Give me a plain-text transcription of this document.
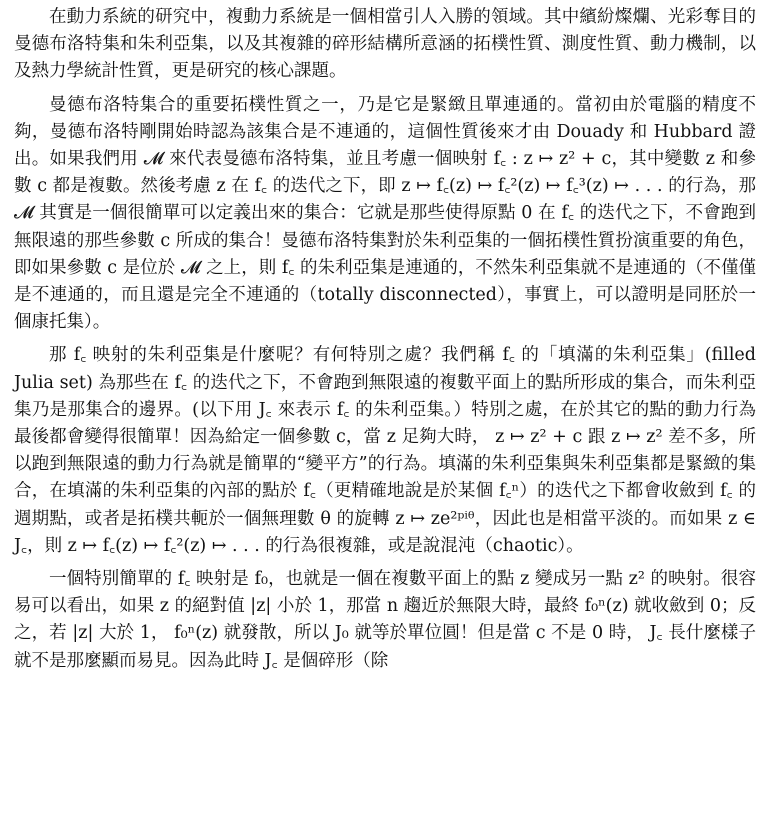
在動力系統的研究中，複動力系統是一個相當引人入勝的領域。其中繽紛燦爛、光彩奪目的曼德布洛特集和朱利亞集，以及其複雜的碎形結構所意涵的拓樸性質、測度性質、動力機制，以及熱力學統計性質，更是研究的核心課題。

曼德布洛特集合的重要拓樸性質之一，乃是它是緊緻且單連通的。當初由於電腦的精度不夠，曼德布洛特剛開始時認為該集合是不連通的，這個性質後來才由 Douady 和 Hubbard 證出。如果我們用 𝓜 來代表曼德布洛特集，並且考慮一個映射 f꜀ : z ↦ z² + c，其中變數 z 和參數 c 都是複數。然後考慮 z 在 f꜀ 的迭代之下，即 z ↦ f꜀(z) ↦ f꜀²(z) ↦ f꜀³(z) ↦ . . . 的行為，那 𝓜 其實是一個很簡單可以定義出來的集合：它就是那些使得原點 0 在 f꜀ 的迭代之下，不會跑到無限遠的那些參數 c 所成的集合！曼德布洛特集對於朱利亞集的一個拓樸性質扮演重要的角色，即如果參數 c 是位於 𝓜 之上，則 f꜀ 的朱利亞集是連通的，不然朱利亞集就不是連通的（不僅僅是不連通的，而且還是完全不連通的（totally disconnected），事實上，可以證明是同胚於一個康托集）。

那 f꜀ 映射的朱利亞集是什麼呢？有何特別之處？我們稱 f꜀ 的「填滿的朱利亞集」(filled Julia set) 為那些在 f꜀ 的迭代之下，不會跑到無限遠的複數平面上的點所形成的集合，而朱利亞集乃是那集合的邊界。(以下用 J꜀ 來表示 f꜀ 的朱利亞集。）特別之處，在於其它的點的動力行為最後都會變得很簡單！因為給定一個參數 c，當 z 足夠大時， z ↦ z² + c 跟 z ↦ z² 差不多，所以跑到無限遠的動力行為就是簡單的“變平方”的行為。填滿的朱利亞集與朱利亞集都是緊緻的集合，在填滿的朱利亞集的內部的點於 f꜀（更精確地說是於某個 f꜀ⁿ）的迭代之下都會收斂到 f꜀ 的週期點，或者是拓樸共軛於一個無理數 θ 的旋轉 z ↦ ze²ᵖⁱᶿ，因此也是相當平淡的。而如果 z ∈ J꜀，則 z ↦ f꜀(z) ↦ f꜀²(z) ↦ . . . 的行為很複雜，或是說混沌（chaotic）。

一個特別簡單的 f꜀ 映射是 f₀，也就是一個在複數平面上的點 z 變成另一點 z² 的映射。很容易可以看出，如果 z 的絕對值 |z| 小於 1，那當 n 趨近於無限大時，最終 f₀ⁿ(z) 就收斂到 0；反之，若 |z| 大於 1， f₀ⁿ(z) 就發散，所以 J₀ 就等於單位圓！但是當 c 不是 0 時， J꜀ 長什麼樣子就不是那麼顯而易見。因為此時 J꜀ 是個碎形（除
